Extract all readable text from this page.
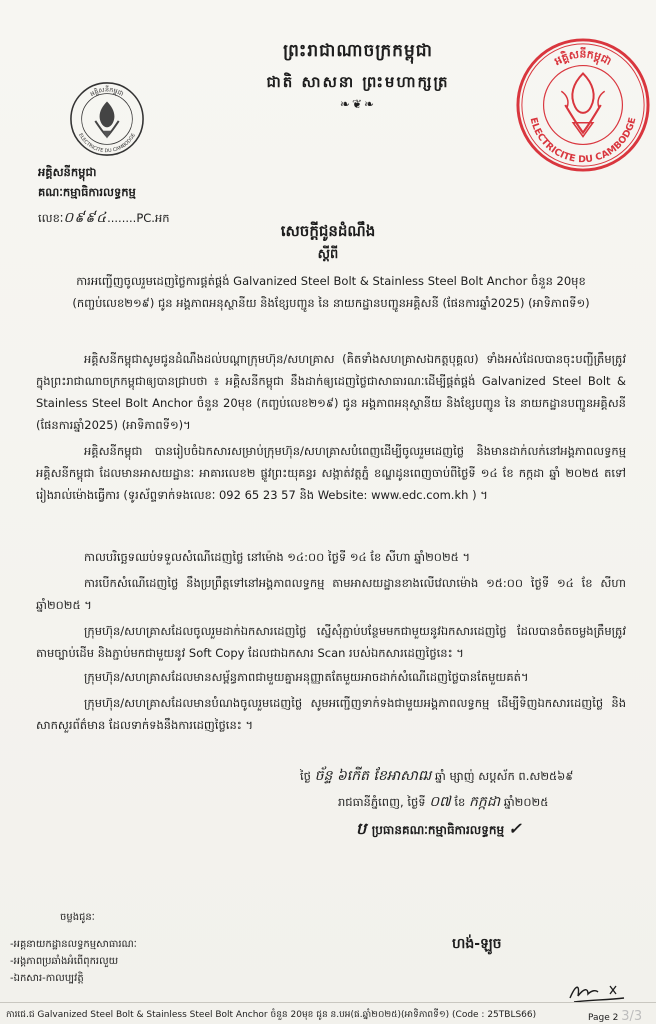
ព្រះរាជាណាចក្រកម្ពុជា
ជាតិ សាសនា ព្រះមហាក្សត្រ
❧❦❧
អគ្គិសនីកម្ពុជា
ELECTRICITE DU CAMBODGE
អគ្គិសនីកម្ពុជា
គណៈកម្មាធិការលទ្ធកម្ម
លេខៈ០៩៩៤........PC.អក
អគ្គិសនីកម្ពុជា
ELECTRICITE DU CAMBODGE
សេចក្តីជូនដំណឹង
ស្តីពី
ការអញ្ជើញចូលរួមដេញថ្លៃការផ្គត់ផ្គង់ Galvanized Steel Bolt & Stainless Steel Bolt Anchor ចំនួន 20មុខ (កញ្ចប់លេខ២១៩) ជូន អង្គភាពអនុស្ថានីយ និងខ្សែបញ្ជូន នៃ នាយកដ្ឋានបញ្ជូនអគ្គិសនី (ផែនការឆ្នាំ2025) (អាទិភាពទី១)
អគ្គិសនីកម្ពុជាសូមជូនដំណឹងដល់បណ្តាក្រុមហ៊ុន/សហគ្រាស (គិតទាំងសហគ្រាសឯកត្តបុគ្គល) ទាំងអស់ដែលបានចុះបញ្ជីត្រឹមត្រូវក្នុងព្រះរាជាណាចក្រកម្ពុជាឲ្យបានជ្រាបថា ៖ អគ្គិសនីកម្ពុជា នឹងដាក់ឲ្យដេញថ្លៃជាសាធារណៈដើម្បីផ្គត់ផ្គង់ Galvanized Steel Bolt & Stainless Steel Bolt Anchor ចំនួន 20មុខ (កញ្ចប់លេខ២១៩) ជូន អង្គភាពអនុស្ថានីយ និងខ្សែបញ្ជូន នៃ នាយកដ្ឋានបញ្ជូនអគ្គិសនី (ផែនការឆ្នាំ2025) (អាទិភាពទី១)។
អគ្គិសនីកម្ពុជា បានរៀបចំឯកសារសម្រាប់ក្រុមហ៊ុន/សហគ្រាសបំពេញដើម្បីចូលរួមដេញថ្លៃ និងមានដាក់លក់នៅអង្គភាពលទ្ធកម្មអគ្គិសនីកម្ពុជា ដែលមានអាសយដ្ឋានៈ អាគារលេខ២ ផ្លូវព្រះយុគន្ធរ សង្កាត់វត្តភ្នំ ខណ្ឌដូនពេញចាប់ពីថ្ងៃទី ១៤ ខែ កក្កដា ឆ្នាំ ២០២៥ តទៅរៀងរាល់ម៉ោងធ្វើការ (ទូរស័ព្ទទាក់ទងលេខៈ 092 65 23 57 និង Website: www.edc.com.kh ) ។
កាលបរិច្ឆេទឈប់ទទួលសំណើដេញថ្លៃ នៅម៉ោង ១៤:០០ ថ្ងៃទី ១៤ ខែ សីហា ឆ្នាំ២០២៥ ។
ការបើកសំណើដេញថ្លៃ នឹងប្រព្រឹត្តទៅនៅអង្គភាពលទ្ធកម្ម តាមអាសយដ្ឋានខាងលើវេលាម៉ោង ១៥:០០ ថ្ងៃទី ១៤ ខែ សីហា ឆ្នាំ២០២៥ ។
ក្រុមហ៊ុន/សហគ្រាសដែលចូលរួមដាក់ឯកសារដេញថ្លៃ ស្នើសុំភ្ជាប់បន្ថែមមកជាមួយនូវឯកសារដេញថ្លៃ ដែលបានចំតចម្លងត្រឹមត្រូវតាមច្បាប់ដើម និងភ្ជាប់មកជាមួយនូវ Soft Copy ដែលជាឯកសារ Scan របស់ឯកសារដេញថ្លៃនេះ ។
ក្រុមហ៊ុន/សហគ្រាសដែលមានសម្ព័ន្ធភាពជាមួយគ្នាអនុញ្ញាតតែមួយអាចដាក់សំណើដេញថ្លៃបានតែមួយគត់។
ក្រុមហ៊ុន/សហគ្រាសដែលមានបំណងចូលរួមដេញថ្លៃ សូមអញ្ជើញទាក់ទងជាមួយអង្គភាពលទ្ធកម្ម ដើម្បីទិញឯកសារដេញថ្លៃ និងសាកសួរព័ត៌មាន ដែលទាក់ទងនឹងការដេញថ្លៃនេះ ។
ថ្ងៃ ច័ន្ទ ៦កើត ខែអាសាឍ ឆ្នាំ ម្សាញ់ សប្តស័ក ព.ស២៥៦៩
រាជធានីភ្នំពេញ, ថ្ងៃទី ០៧ ខែ កក្កដា ឆ្នាំ២០២៥
ប ប្រធានគណៈកម្មាធិការលទ្ធកម្ម ✓
ហង់-ឡូច
ចម្លងជូនៈ
-អគ្គនាយកដ្ឋានលទ្ធកម្មសាធារណៈ
-អង្គភាពប្រឆាំងអំពើពុករលួយ
-ឯកសារ-កាលប្បវត្តិ
ការជេ.ជ Galvanized Steel Bolt & Stainless Steel Bolt Anchor ចំនួន 20មុខ ជូន ន.បអ(ផ.ឆ្នាំ២០២៥)(អាទិភាពទី១) (Code : 25TBLS66)	Page 2 3/3
